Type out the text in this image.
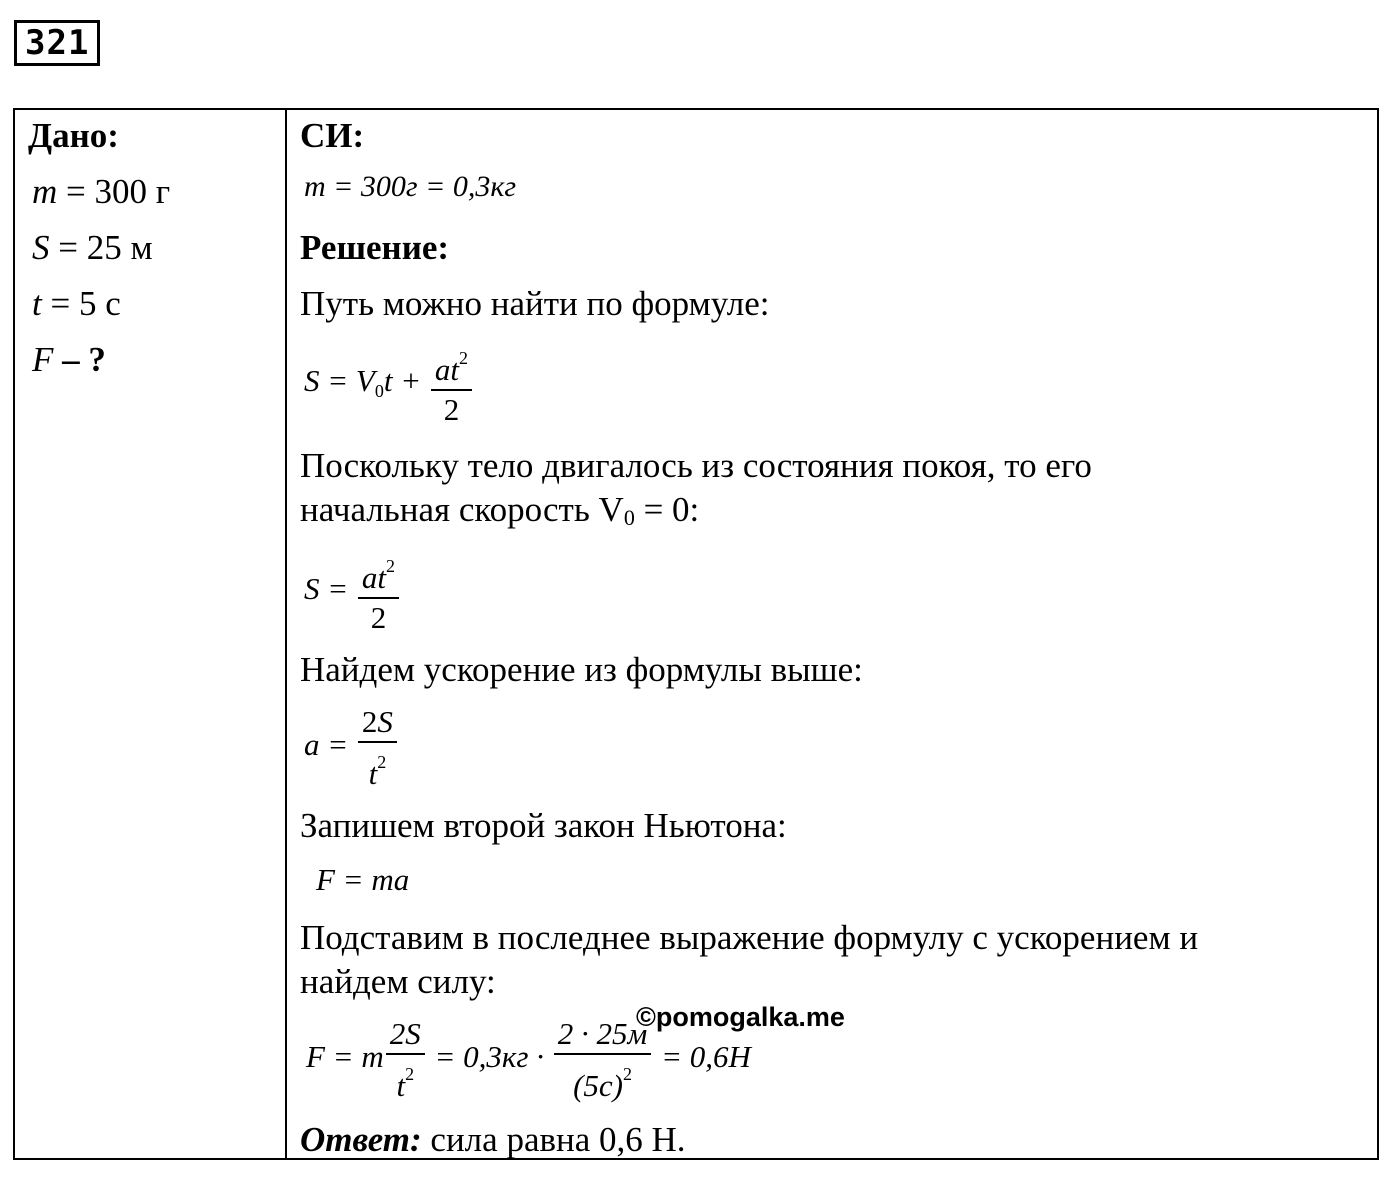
321
Дано:
m = 300 г
S = 25 м
t = 5 с
F – ?
СИ:
m = 300г = 0,3кг
Решение:
Путь можно найти по формуле:
$S = V_0t + \frac{at^2}{2}$
Поскольку тело двигалось из состояния покоя, то его
начальная скорость $V_0 = 0$:
$S = \frac{at^2}{2}$
Найдем ускорение из формулы выше:
$a = \frac{2S}{t^2}$
Запишем второй закон Ньютона:
F = ma
Подставим в последнее выражение формулу с ускорением и
найдем силу:
F = m $\frac{2S}{t^2} = 0,3кг$ ·
2 · 25м
$(5с)^2 = 0,6Н$
©pomogalka.me
Ответ: сила равна 0,6 Н.
